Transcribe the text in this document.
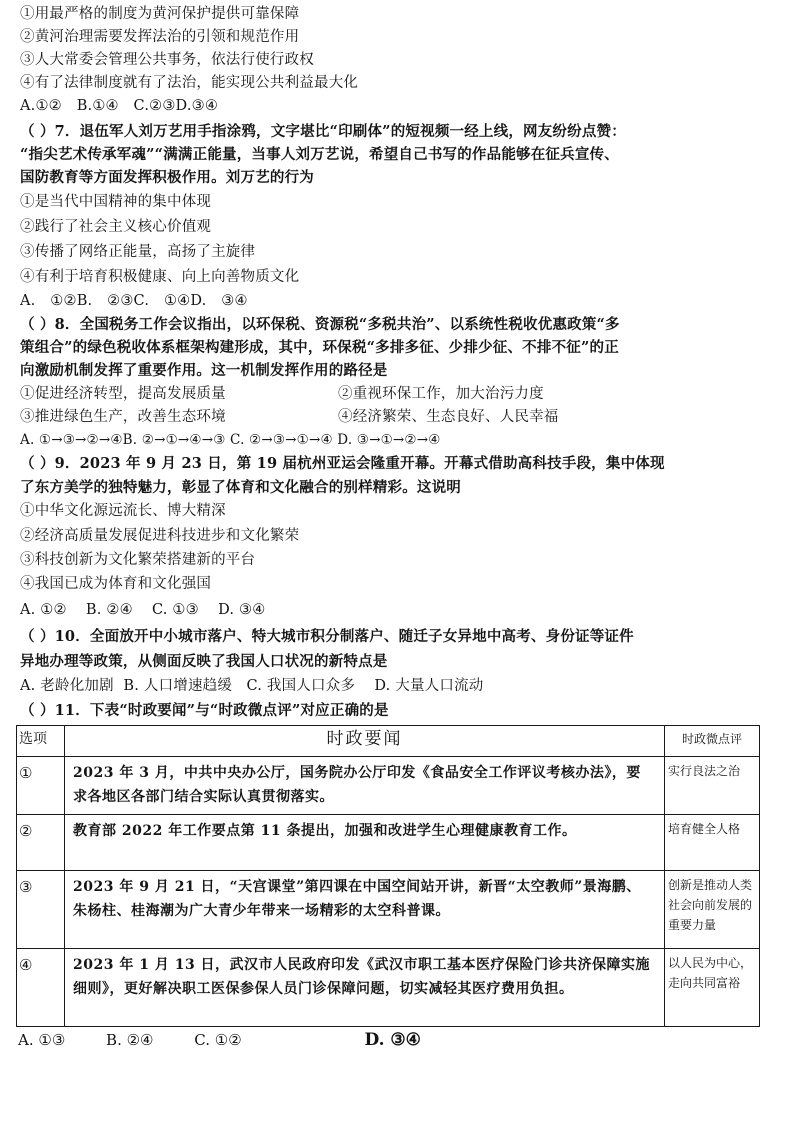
①用最严格的制度为黄河保护提供可靠保障
②黄河治理需要发挥法治的引领和规范作用
③人大常委会管理公共事务，依法行使行政权
④有了法律制度就有了法治，能实现公共利益最大化
A.①② B.①④ C.②③D.③④
（ ）7．退伍军人刘万艺用手指涂鸦，文字堪比“印刷体”的短视频一经上线，网友纷纷点赞：
“指尖艺术传承军魂”“满满正能量，当事人刘万艺说，希望自己书写的作品能够在征兵宣传、
国防教育等方面发挥积极作用。刘万艺的行为
①是当代中国精神的集中体现
②践行了社会主义核心价值观
③传播了网络正能量，高扬了主旋律
④有利于培育积极健康、向上向善物质文化
A. ①②B. ②③C. ①④D. ③④
（ ）8．全国税务工作会议指出，以环保税、资源税“多税共治”、以系统性税收优惠政策“多
策组合”的绿色税收体系框架构建形成，其中，环保税“多排多征、少排少征、不排不征”的正
向激励机制发挥了重要作用。这一机制发挥作用的路径是
①促进经济转型，提高发展质量	②重视环保工作，加大治污力度
③推进绿色生产，改善生态环境	④经济繁荣、生态良好、人民幸福
A. ①→③→②→④B. ②→①→④→③ C. ②→③→①→④ D. ③→①→②→④
（ ）9．2023 年 9 月 23 日，第 19 届杭州亚运会隆重开幕。开幕式借助高科技手段，集中体现
了东方美学的独特魅力，彰显了体育和文化融合的别样精彩。这说明
①中华文化源远流长、博大精深
②经济高质量发展促进科技进步和文化繁荣
③科技创新为文化繁荣搭建新的平台
④我国已成为体育和文化强国
A. ①②    B. ②④    C. ①③    D. ③④
（ ）10．全面放开中小城市落户、特大城市积分制落户、随迁子女异地中高考、身份证等证件
异地办理等政策，从侧面反映了我国人口状况的新特点是
A. 老龄化加剧  B. 人口增速趋缓   C. 我国人口众多    D. 大量人口流动
（ ）11．下表“时政要闻”与“时政微点评”对应正确的是
选项	时政要闻	时政微点评
①	2023 年 3 月，中共中央办公厅，国务院办公厅印发《食品安全工作评议考核办法》，要求各地区各部门结合实际认真贯彻落实。	实行良法之治
②	教育部 2022 年工作要点第 11 条提出，加强和改进学生心理健康教育工作。	培育健全人格
③	2023 年 9 月 21 日，“天宫课堂”第四课在中国空间站开讲，新晋“太空教师”景海鹏、朱杨柱、桂海潮为广大青少年带来一场精彩的太空科普课。	创新是推动人类社会向前发展的重要力量
④	2023 年 1 月 13 日，武汉市人民政府印发《武汉市职工基本医疗保险门诊共济保障实施细则》，更好解决职工医保参保人员门诊保障问题，切实减轻其医疗费用负担。	以人民为中心，走向共同富裕
A. ①③	B. ②④	C. ①②	D. ③④
